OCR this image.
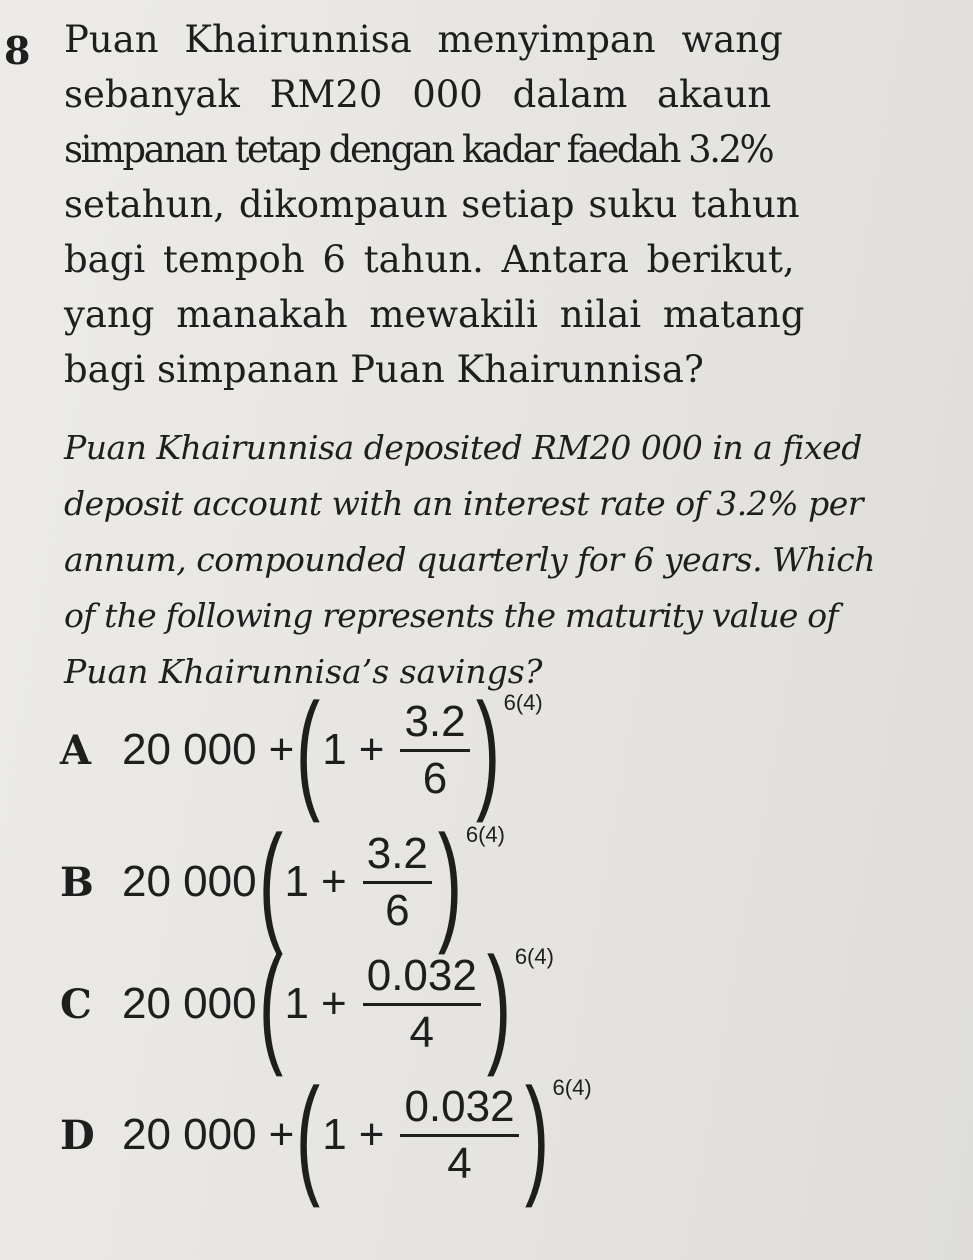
8 Puan Khairunnisa menyimpan wang
sebanyak RM20 000 dalam akaun
simpanan tetap dengan kadar faedah 3.2%
setahun, dikompaun setiap suku tahun
bagi tempoh 6 tahun. Antara berikut,
yang manakah mewakili nilai matang
bagi simpanan Puan Khairunnisa?
Puan Khairunnisa deposited RM20 000 in a fixed
deposit account with an interest rate of 3.2% per
annum, compounded quarterly for 6 years. Which
of the following represents the maturity value of
Puan Khairunnisa’s savings?
A 20 000 + ( $1 + \frac{3.2}{6}$ ) 6(4)
B 20 000 ( $1 + \frac{3.2}{6}$ ) 6(4)
C 20 000 ( $1 + \frac{0.032}{4}$ ) 6(4)
D 20 000 + ( $1 + \frac{0.032}{4}$ ) 6(4)
